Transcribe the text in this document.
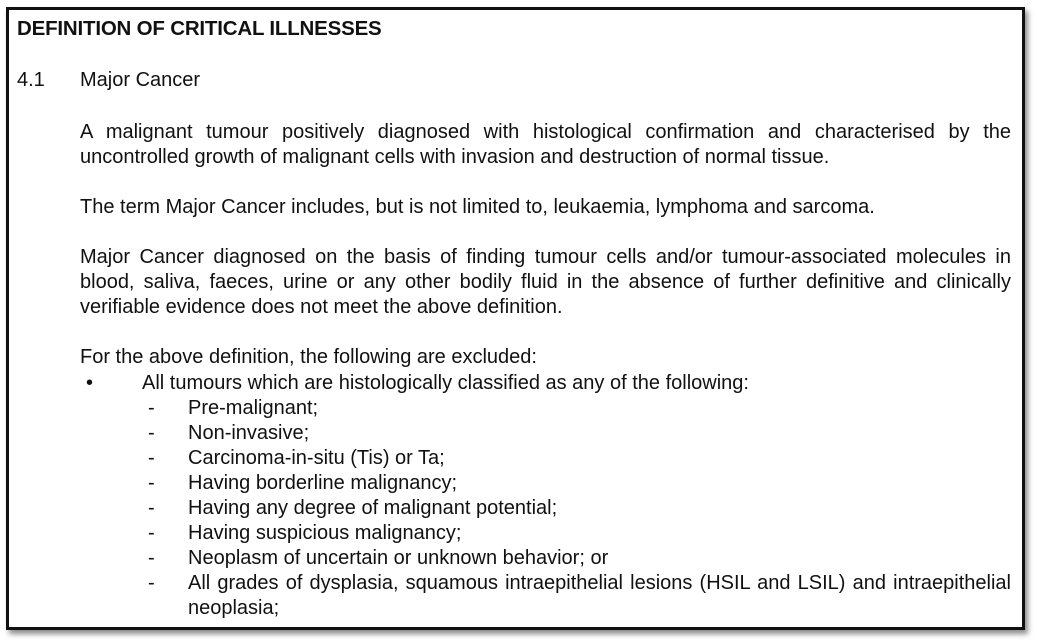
DEFINITION OF CRITICAL ILLNESSES
4.1 Major Cancer

A malignant tumour positively diagnosed with histological confirmation and characterised by the uncontrolled growth of malignant cells with invasion and destruction of normal tissue.

The term Major Cancer includes, but is not limited to, leukaemia, lymphoma and sarcoma.

Major Cancer diagnosed on the basis of finding tumour cells and/or tumour-associated molecules in blood, saliva, faeces, urine or any other bodily fluid in the absence of further definitive and clinically verifiable evidence does not meet the above definition.

For the above definition, the following are excluded:

• All tumours which are histologically classified as any of the following:
- Pre-malignant;
- Non-invasive;
- Carcinoma-in-situ (Tis) or Ta;
- Having borderline malignancy;
- Having any degree of malignant potential;
- Having suspicious malignancy;
- Neoplasm of uncertain or unknown behavior; or
- All grades of dysplasia, squamous intraepithelial lesions (HSIL and LSIL) and intraepithelial neoplasia;
